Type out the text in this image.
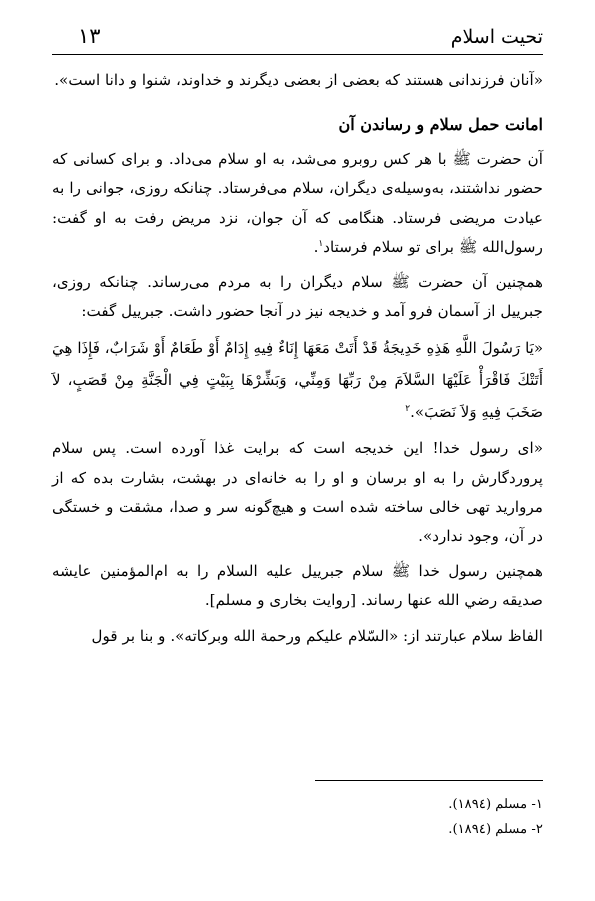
تحیت اسلام
١٣

«آنان فرزندانی هستند که بعضی از بعضی دیگرند و خداوند، شنوا و دانا است».

امانت حمل سلام و رساندن آن

آن حضرت ﷺ با هر کس روبرو می‌شد، به او سلام می‌داد. و برای کسانی که حضور نداشتند، به‌وسیله‌ی دیگران، سلام می‌فرستاد. چنانکه روزی، جوانی را به عیادت مریضی فرستاد. هنگامی که آن جوان، نزد مریض رفت به او گفت: رسول‌الله ﷺ برای تو سلام فرستاد$^١$.

همچنین آن حضرت ﷺ سلام دیگران را به مردم می‌رساند. چنانکه روزی، جبرییل از آسمان فرو آمد و خدیجه نیز در آنجا حضور داشت. جبرییل گفت:

«يَا رَسُولَ اللَّهِ هَذِهِ خَدِيجَةُ قَدْ أَتَتْ مَعَهَا إِنَاءٌ فِيهِ إِدَامٌ أَوْ طَعَامٌ أَوْ شَرَابٌ، فَإِذَا هِيَ أَتَتْكَ فَاقْرَأْ عَلَيْهَا السَّلاَمَ مِنْ رَبِّهَا وَمِنِّي، وَبَشِّرْهَا بِبَيْتٍ فِي الْجَنَّةِ مِنْ قَصَبٍ، لاَ صَخَبَ فِيهِ وَلاَ نَصَبَ».$^٢$

«ای رسول خدا! این خدیجه است که برایت غذا آورده است. پس سلام پروردگارش را به او برسان و او را به خانه‌ای در بهشت، بشارت بده که از مروارید تهی خالی ساخته شده است و هیچ‌گونه سر و صدا، مشقت و خستگی در آن، وجود ندارد».

همچنین رسول خدا ﷺ سلام جبرییل عليه السلام را به ام‌المؤمنین عایشه صدیقه رضي الله عنها رساند. [روایت بخاری و مسلم].

الفاظ سلام عبارتند از: «السّلام علیکم ورحمة الله وبرکاته». و بنا بر قول

١- مسلم (١٨٩٤).
٢- مسلم (١٨٩٤).
